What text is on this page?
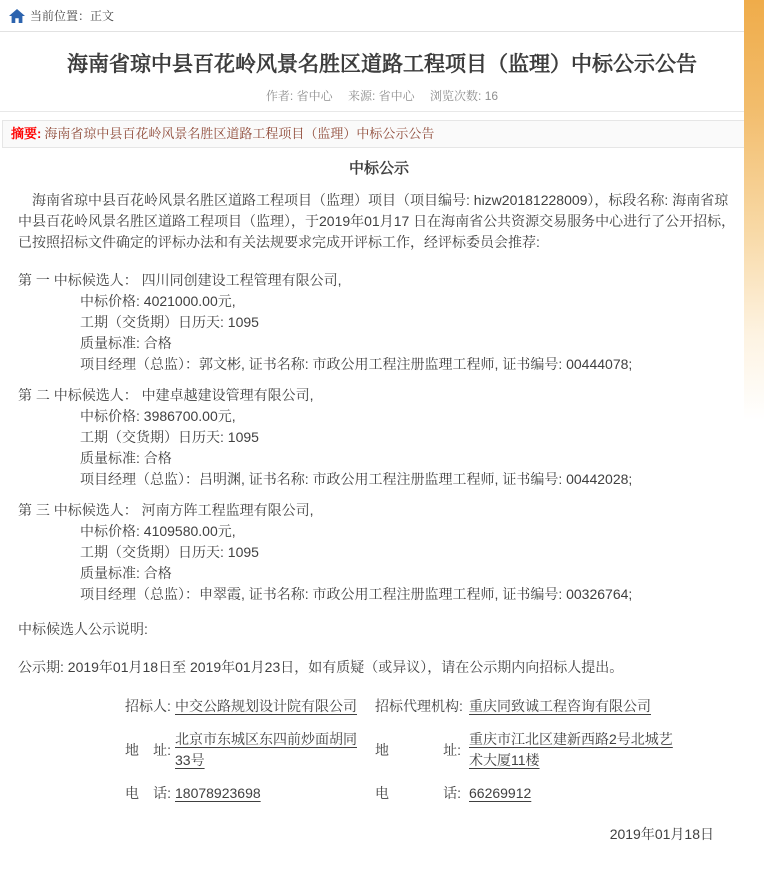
当前位置： 正文
海南省琼中县百花岭风景名胜区道路工程项目（监理）中标公示公告
作者: 省中心 来源: 省中心 浏览次数: 16
摘要: 海南省琼中县百花岭风景名胜区道路工程项目（监理）中标公示公告
中标公示

海南省琼中县百花岭风景名胜区道路工程项目（监理）项目（项目编号: hizw20181228009），标段名称: 海南省琼中县百花岭风景名胜区道路工程项目（监理），于2019年01月17 日在海南省公共资源交易服务中心进行了公开招标，已按照招标文件确定的评标办法和有关法规要求完成开评标工作，经评标委员会推荐:

第 一 中标候选人： 四川同创建设工程管理有限公司,
中标价格: 4021000.00元,
工期（交货期）日历天: 1095
质量标准: 合格
项目经理（总监）：郭文彬, 证书名称: 市政公用工程注册监理工程师, 证书编号: 00444078;
第 二 中标候选人： 中建卓越建设管理有限公司,
中标价格: 3986700.00元,
工期（交货期）日历天: 1095
质量标准: 合格
项目经理（总监）：吕明渊, 证书名称: 市政公用工程注册监理工程师, 证书编号: 00442028;
第 三 中标候选人： 河南方阵工程监理有限公司,
中标价格: 4109580.00元,
工期（交货期）日历天: 1095
质量标准: 合格
项目经理（总监）：申翠霞, 证书名称: 市政公用工程注册监理工程师, 证书编号: 00326764;
中标候选人公示说明:
公示期: 2019年01月18日至 2019年01月23日，如有质疑（或异议），请在公示期内向招标人提出。
招标人:	中交公路规划设计院有限公司	招标代理机构:	重庆同致诚工程咨询有限公司

地 址:	北京市东城区东四前炒面胡同33号	地 址:	重庆市江北区建新西路2号北城艺术大厦11楼

电 话:	18078923698	电 话:	66269912
2019年01月18日
